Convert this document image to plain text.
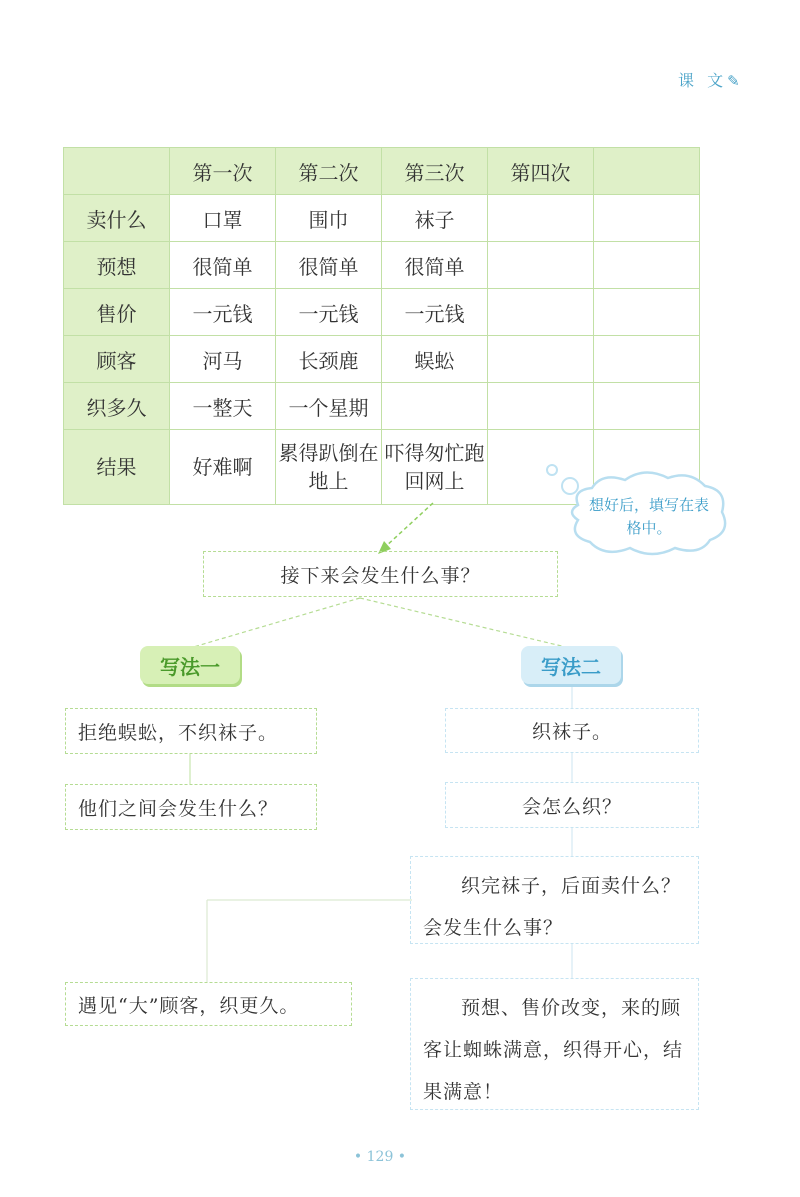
课 文✎
	第一次	第二次	第三次	第四次	
卖什么	口罩	围巾	袜子		
预想	很简单	很简单	很简单		
售价	一元钱	一元钱	一元钱		
顾客	河马	长颈鹿	蜈蚣		
织多久	一整天	一个星期			
结果	好难啊	累得趴倒在地上	吓得匆忙跑回网上		
想好后，填写在表格中。
接下来会发生什么事？
写法一	写法二
拒绝蜈蚣，不织袜子。
他们之间会发生什么？
遇见“大”顾客，织更久。
织袜子。
会怎么织？
织完袜子，后面卖什么？会发生什么事？
预想、售价改变，来的顾客让蜘蛛满意，织得开心，结果满意！
• 129 •
